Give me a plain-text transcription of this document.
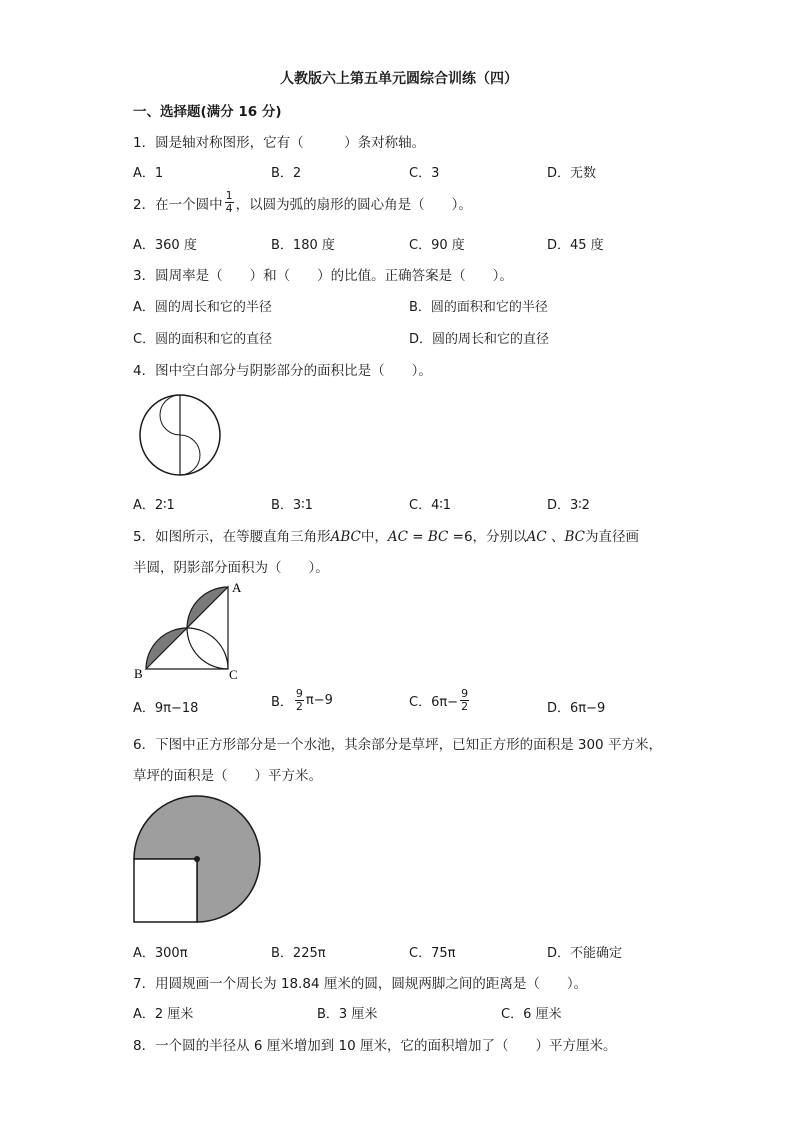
人教版六上第五单元圆综合训练（四）
一、选择题(满分 16 分)
1．圆是轴对称图形，它有（　　　）条对称轴。
A．1	B．2	C．3	D．无数
2．在一个圆中 $\frac{1}{4}$ ，以圆为弧的扇形的圆心角是（　　）。
A．360 度	B．180 度	C．90 度	D．45 度
3．圆周率是（　　）和（　　）的比值。正确答案是（　　）。
A．圆的周长和它的半径	B．圆的面积和它的半径
C．圆的面积和它的直径	D．圆的周长和它的直径
4．图中空白部分与阴影部分的面积比是（　　）。
A．2∶1	B．3∶1	C．4∶1	D．3∶2
5．如图所示，在等腰直角三角形ABC中，AC = BC =6，分别以AC 、BC为直径画
半圆，阴影部分面积为（　　）。
A
B	C
A．9π−18	B． $\frac{9}{2} \pi-9$	C．$6\pi- \frac{9}{2}$	D．6π−9
6．下图中正方形部分是一个水池，其余部分是草坪，已知正方形的面积是 300 平方米，
草坪的面积是（　　）平方米。
A．300π	B．225π	C．75π	D．不能确定
7．用圆规画一个周长为 18.84 厘米的圆，圆规两脚之间的距离是（　　）。
A．2 厘米	B．3 厘米	C．6 厘米
8．一个圆的半径从 6 厘米增加到 10 厘米，它的面积增加了（　　）平方厘米。
